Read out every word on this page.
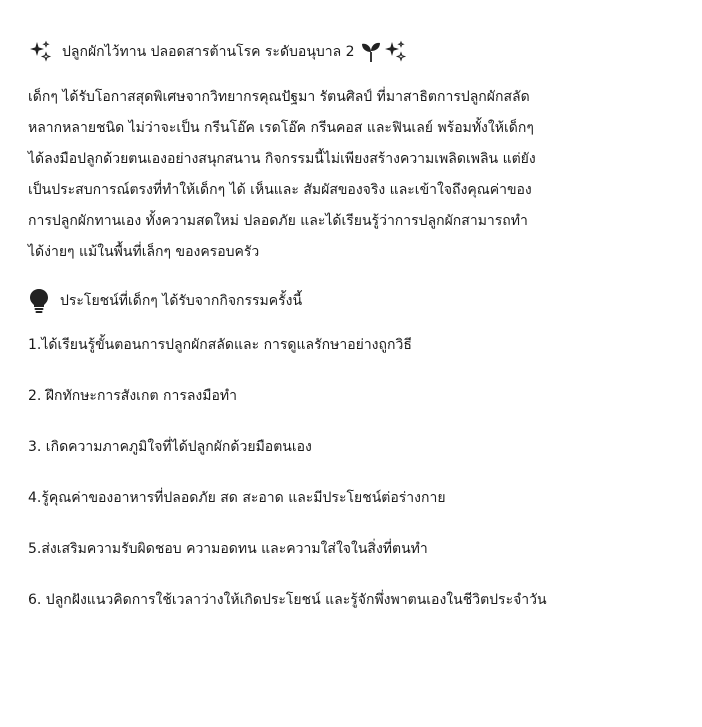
ปลูกผักไว้ทาน ปลอดสารต้านโรค ระดับอนุบาล 2

เด็กๆ ได้รับโอกาสสุดพิเศษจากวิทยากรคุณปัฐมา รัตนศิลป์ ที่มาสาธิตการปลูกผักสลัด
หลากหลายชนิด ไม่ว่าจะเป็น กรีนโอ๊ค เรดโอ๊ค กรีนคอส และฟินเลย์ พร้อมทั้งให้เด็กๆ
ได้ลงมือปลูกด้วยตนเองอย่างสนุกสนาน กิจกรรมนี้ไม่เพียงสร้างความเพลิดเพลิน แต่ยัง
เป็นประสบการณ์ตรงที่ทำให้เด็กๆ ได้ เห็นและ สัมผัสของจริง และเข้าใจถึงคุณค่าของ
การปลูกผักทานเอง ทั้งความสดใหม่ ปลอดภัย และได้เรียนรู้ว่าการปลูกผักสามารถทำ
ได้ง่ายๆ แม้ในพื้นที่เล็กๆ ของครอบครัว

ประโยชน์ที่เด็กๆ ได้รับจากกิจกรรมครั้งนี้
1.ได้เรียนรู้ขั้นตอนการปลูกผักสลัดและ การดูแลรักษาอย่างถูกวิธี
2. ฝึกทักษะการสังเกต การลงมือทำ
3. เกิดความภาคภูมิใจที่ได้ปลูกผักด้วยมือตนเอง
4.รู้คุณค่าของอาหารที่ปลอดภัย สด สะอาด และมีประโยชน์ต่อร่างกาย
5.ส่งเสริมความรับผิดชอบ ความอดทน และความใส่ใจในสิ่งที่ตนทำ
6. ปลูกฝังแนวคิดการใช้เวลาว่างให้เกิดประโยชน์ และรู้จักพึ่งพาตนเองในชีวิตประจำวัน
